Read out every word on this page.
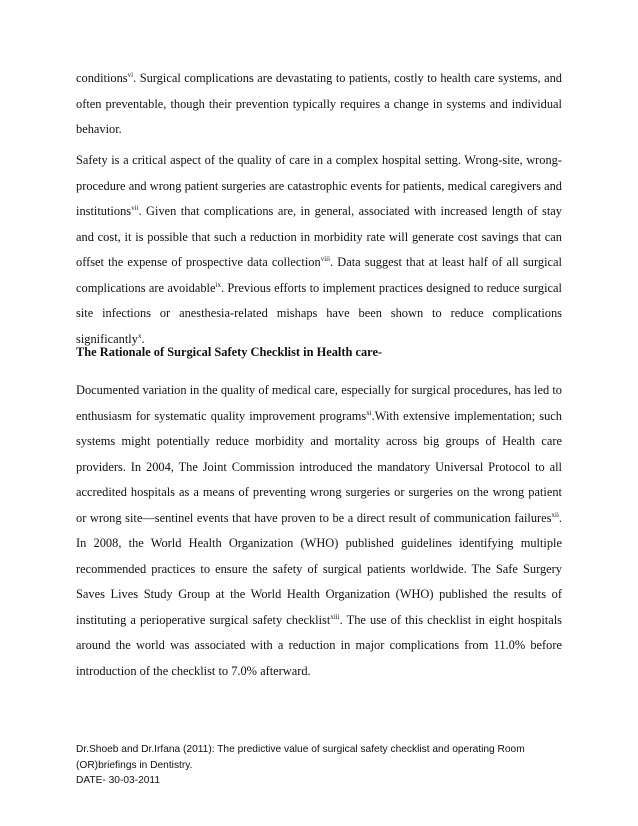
conditions$^{vi}$. Surgical complications are devastating to patients, costly to health care systems, and often preventable, though their prevention typically requires a change in systems and individual behavior.

Safety is a critical aspect of the quality of care in a complex hospital setting. Wrong-site, wrong-procedure and wrong patient surgeries are catastrophic events for patients, medical caregivers and institutions$^{vii}$. Given that complications are, in general, associated with increased length of stay and cost, it is possible that such a reduction in morbidity rate will generate cost savings that can offset the expense of prospective data collection$^{viii}$. Data suggest that at least half of all surgical complications are avoidable$^{ix}$. Previous efforts to implement practices designed to reduce surgical site infections or anesthesia-related mishaps have been shown to reduce complications significantly$^x$.

The Rationale of Surgical Safety Checklist in Health care-

Documented variation in the quality of medical care, especially for surgical procedures, has led to enthusiasm for systematic quality improvement programs$^{xi}$.With extensive implementation; such systems might potentially reduce morbidity and mortality across big groups of Health care providers. In 2004, The Joint Commission introduced the mandatory Universal Protocol to all accredited hospitals as a means of preventing wrong surgeries or surgeries on the wrong patient or wrong site—sentinel events that have proven to be a direct result of communication failures$^{xii}$. In 2008, the World Health Organization (WHO) published guidelines identifying multiple recommended practices to ensure the safety of surgical patients worldwide. The Safe Surgery Saves Lives Study Group at the World Health Organization (WHO) published the results of instituting a perioperative surgical safety checklist$^{xiii}$. The use of this checklist in eight hospitals around the world was associated with a reduction in major complications from 11.0% before introduction of the checklist to 7.0% afterward.

Dr.Shoeb and Dr.Irfana (2011): The predictive value of surgical safety checklist and operating Room
(OR)briefings in Dentistry.
DATE- 30-03-2011
